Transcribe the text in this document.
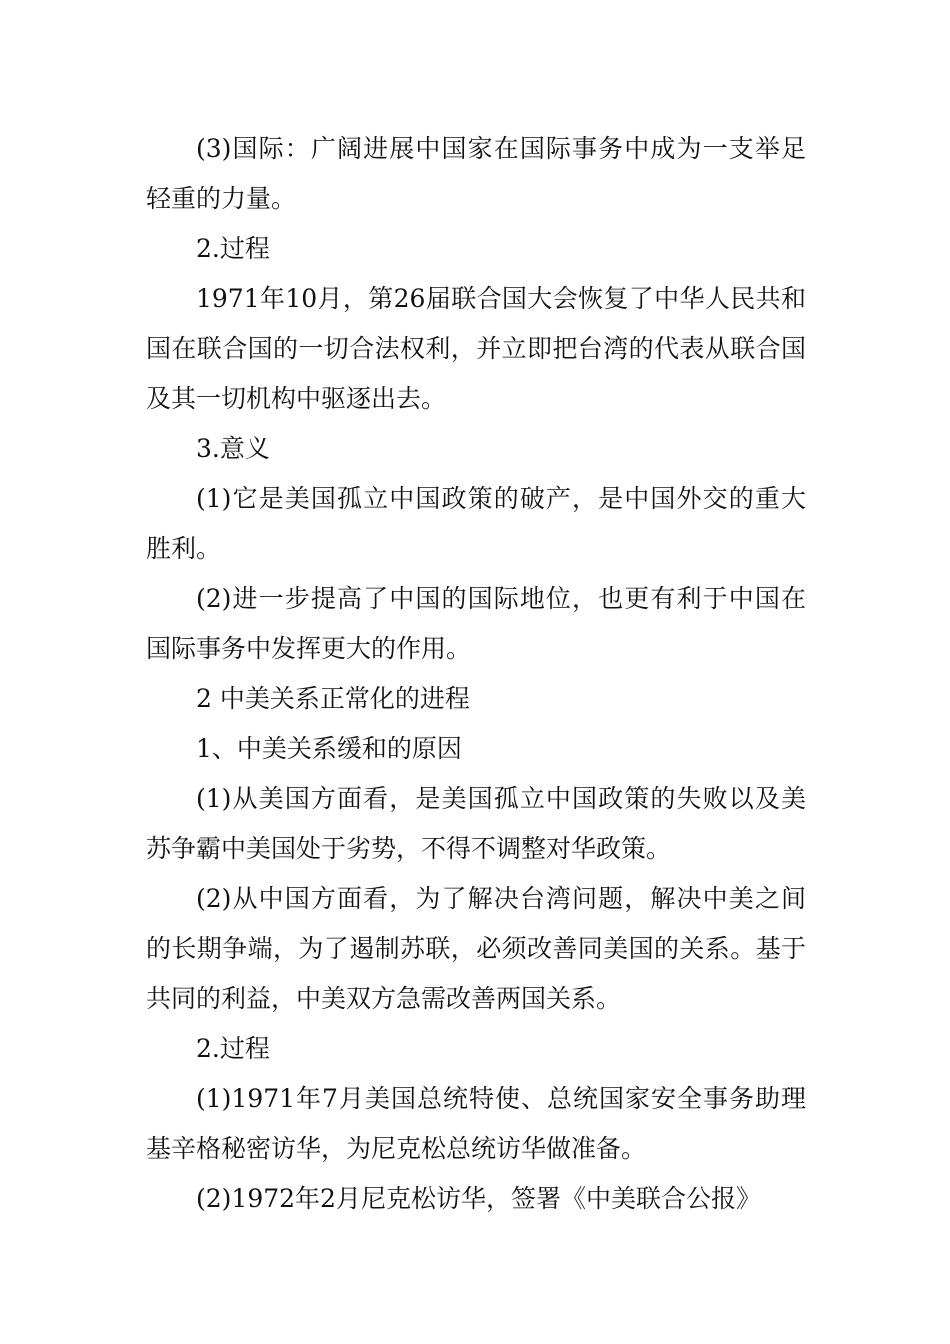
(3)国际：广阔进展中国家在国际事务中成为一支举足轻重的力量。

2.过程

1971年10月，第26届联合国大会恢复了中华人民共和国在联合国的一切合法权利，并立即把台湾的代表从联合国及其一切机构中驱逐出去。

3.意义

(1)它是美国孤立中国政策的破产，是中国外交的重大胜利。

(2)进一步提高了中国的国际地位，也更有利于中国在国际事务中发挥更大的作用。

2 中美关系正常化的进程

1、中美关系缓和的原因

(1)从美国方面看，是美国孤立中国政策的失败以及美苏争霸中美国处于劣势，不得不调整对华政策。

(2)从中国方面看，为了解决台湾问题，解决中美之间的长期争端，为了遏制苏联，必须改善同美国的关系。基于共同的利益，中美双方急需改善两国关系。

2.过程

(1)1971年7月美国总统特使、总统国家安全事务助理基辛格秘密访华，为尼克松总统访华做准备。

(2)1972年2月尼克松访华，签署《中美联合公报》
